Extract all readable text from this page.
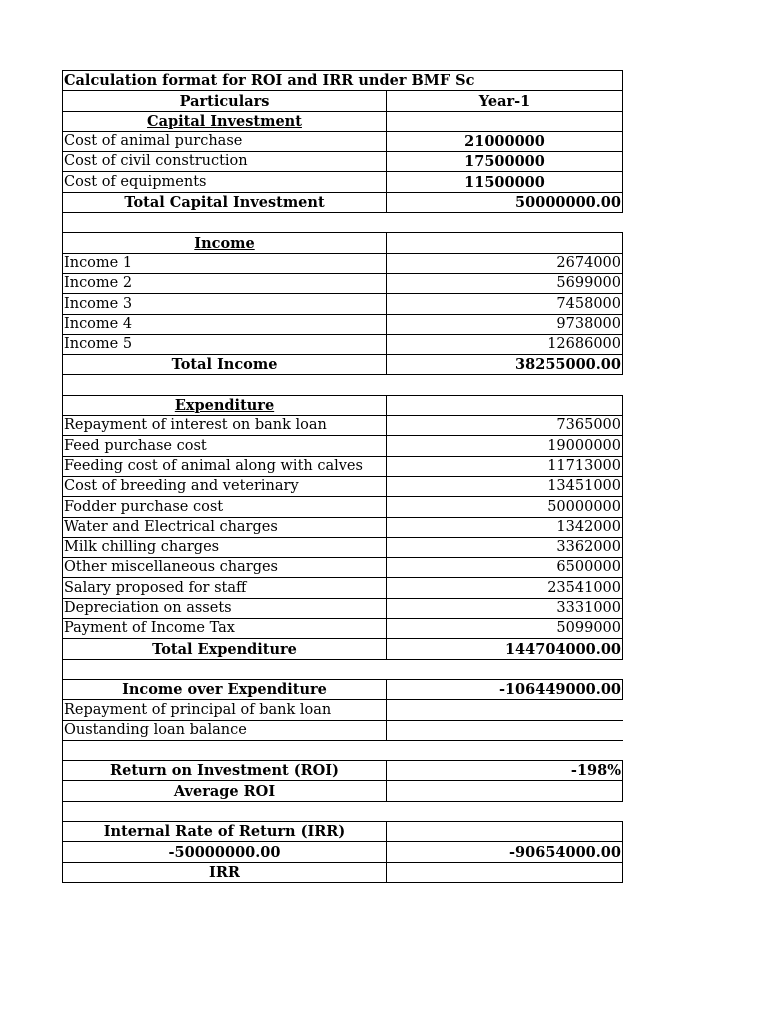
Calculation format for ROI and IRR under BMF Sc	
Particulars	Year-1
Capital Investment	
Cost of animal purchase	21000000
Cost of civil construction	17500000
Cost of equipments	11500000
Total Capital Investment	50000000.00

Income	
Income 1	2674000
Income 2	5699000
Income 3	7458000
Income 4	9738000
Income 5	12686000
Total Income	38255000.00

Expenditure	
Repayment of interest on bank loan	7365000
Feed purchase cost	19000000
Feeding cost of animal along with calves	11713000
Cost of breeding and veterinary	13451000
Fodder purchase cost	50000000
Water and Electrical charges	1342000
Milk chilling charges	3362000
Other miscellaneous charges	6500000
Salary proposed for staff	23541000
Depreciation on assets	3331000
Payment of Income Tax	5099000
Total Expenditure	144704000.00

Income over Expenditure	-106449000.00
Repayment of principal of bank loan	
Oustanding loan balance	

Return on Investment (ROI)	-198%
Average ROI	

Internal Rate of Return (IRR)	
-50000000.00	-90654000.00
IRR	
